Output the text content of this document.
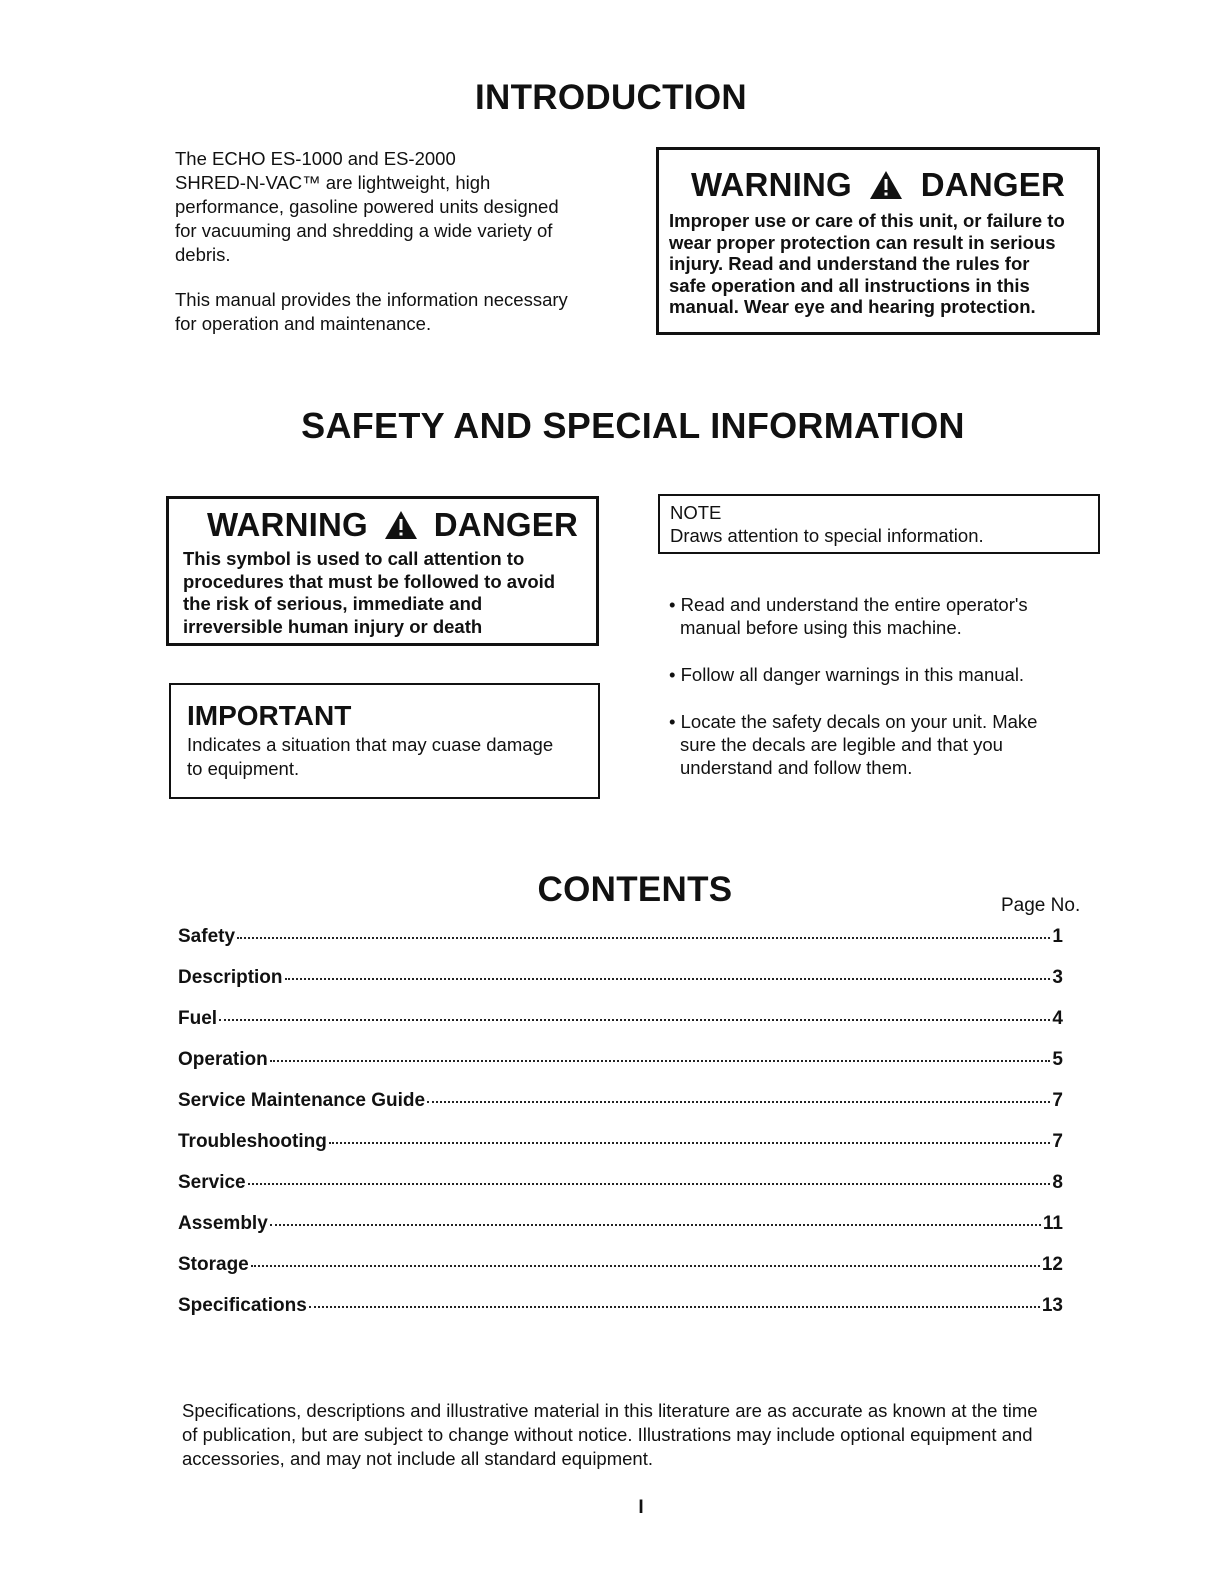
INTRODUCTION
The ECHO ES-1000 and ES-2000
SHRED-N-VAC™ are lightweight, high
performance, gasoline powered units designed
for vacuuming and shredding a wide variety of
debris.
This manual provides the information necessary
for operation and maintenance.
WARNING DANGER
Improper use or care of this unit, or failure to
wear proper protection can result in serious
injury. Read and understand the rules for
safe operation and all instructions in this
manual. Wear eye and hearing protection.
SAFETY AND SPECIAL INFORMATION
WARNING DANGER
This symbol is used to call attention to
procedures that must be followed to avoid
the risk of serious, immediate and
irreversible human injury or death
NOTE
Draws attention to special information.
IMPORTANT
Indicates a situation that may cuase damage
to equipment.
• Read and understand the entire operator's
manual before using this machine.
• Follow all danger warnings in this manual.
• Locate the safety decals on your unit. Make
sure the decals are legible and that you
understand and follow them.
CONTENTS	Page No.
Safety	1
Description	3
Fuel	4
Operation	5
Service Maintenance Guide	7
Troubleshooting	7
Service	8
Assembly	11
Storage	12
Specifications	13
Specifications, descriptions and illustrative material in this literature are as accurate as known at the time
of publication, but are subject to change without notice. Illustrations may include optional equipment and
accessories, and may not include all standard equipment.
I
